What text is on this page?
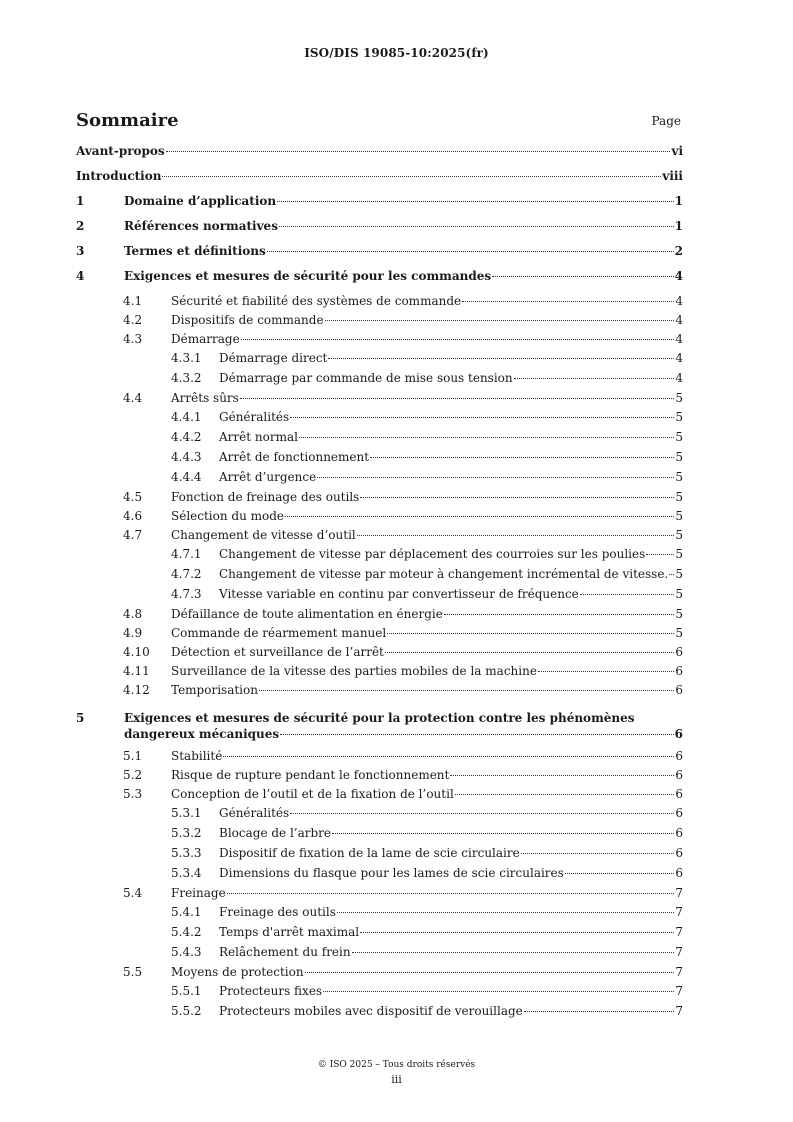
ISO/DIS 19085-10:2025(fr)
Sommaire	Page
Avant-propos	vi
Introduction	viii
1	Domaine d’application	1
2	Références normatives	1
3	Termes et définitions	2
4	Exigences et mesures de sécurité pour les commandes	4
4.1	Sécurité et fiabilité des systèmes de commande	4
4.2	Dispositifs de commande	4
4.3	Démarrage	4
4.3.1	Démarrage direct	4
4.3.2	Démarrage par commande de mise sous tension	4
4.4	Arrêts sûrs	5
4.4.1	Généralités	5
4.4.2	Arrêt normal	5
4.4.3	Arrêt de fonctionnement	5
4.4.4	Arrêt d’urgence	5
4.5	Fonction de freinage des outils	5
4.6	Sélection du mode	5
4.7	Changement de vitesse d’outil	5
4.7.1	Changement de vitesse par déplacement des courroies sur les poulies	5
4.7.2	Changement de vitesse par moteur à changement incrémental de vitesse. 5
4.7.3	Vitesse variable en continu par convertisseur de fréquence	5
4.8	Défaillance de toute alimentation en énergie	5
4.9	Commande de réarmement manuel	5
4.10	Détection et surveillance de l’arrêt	6
4.11	Surveillance de la vitesse des parties mobiles de la machine	6
4.12	Temporisation	6
5	Exigences et mesures de sécurité pour la protection contre les phénomènes
dangereux mécaniques	6
5.1	Stabilité	6
5.2	Risque de rupture pendant le fonctionnement	6
5.3	Conception de l’outil et de la fixation de l’outil	6
5.3.1	Généralités	6
5.3.2	Blocage de l’arbre	6
5.3.3	Dispositif de fixation de la lame de scie circulaire	6
5.3.4	Dimensions du flasque pour les lames de scie circulaires	6
5.4	Freinage	7
5.4.1	Freinage des outils	7
5.4.2	Temps d'arrêt maximal	7
5.4.3	Relâchement du frein	7
5.5	Moyens de protection	7
5.5.1	Protecteurs fixes	7
5.5.2	Protecteurs mobiles avec dispositif de verouillage	7
© ISO 2025 – Tous droits réservés
iii
